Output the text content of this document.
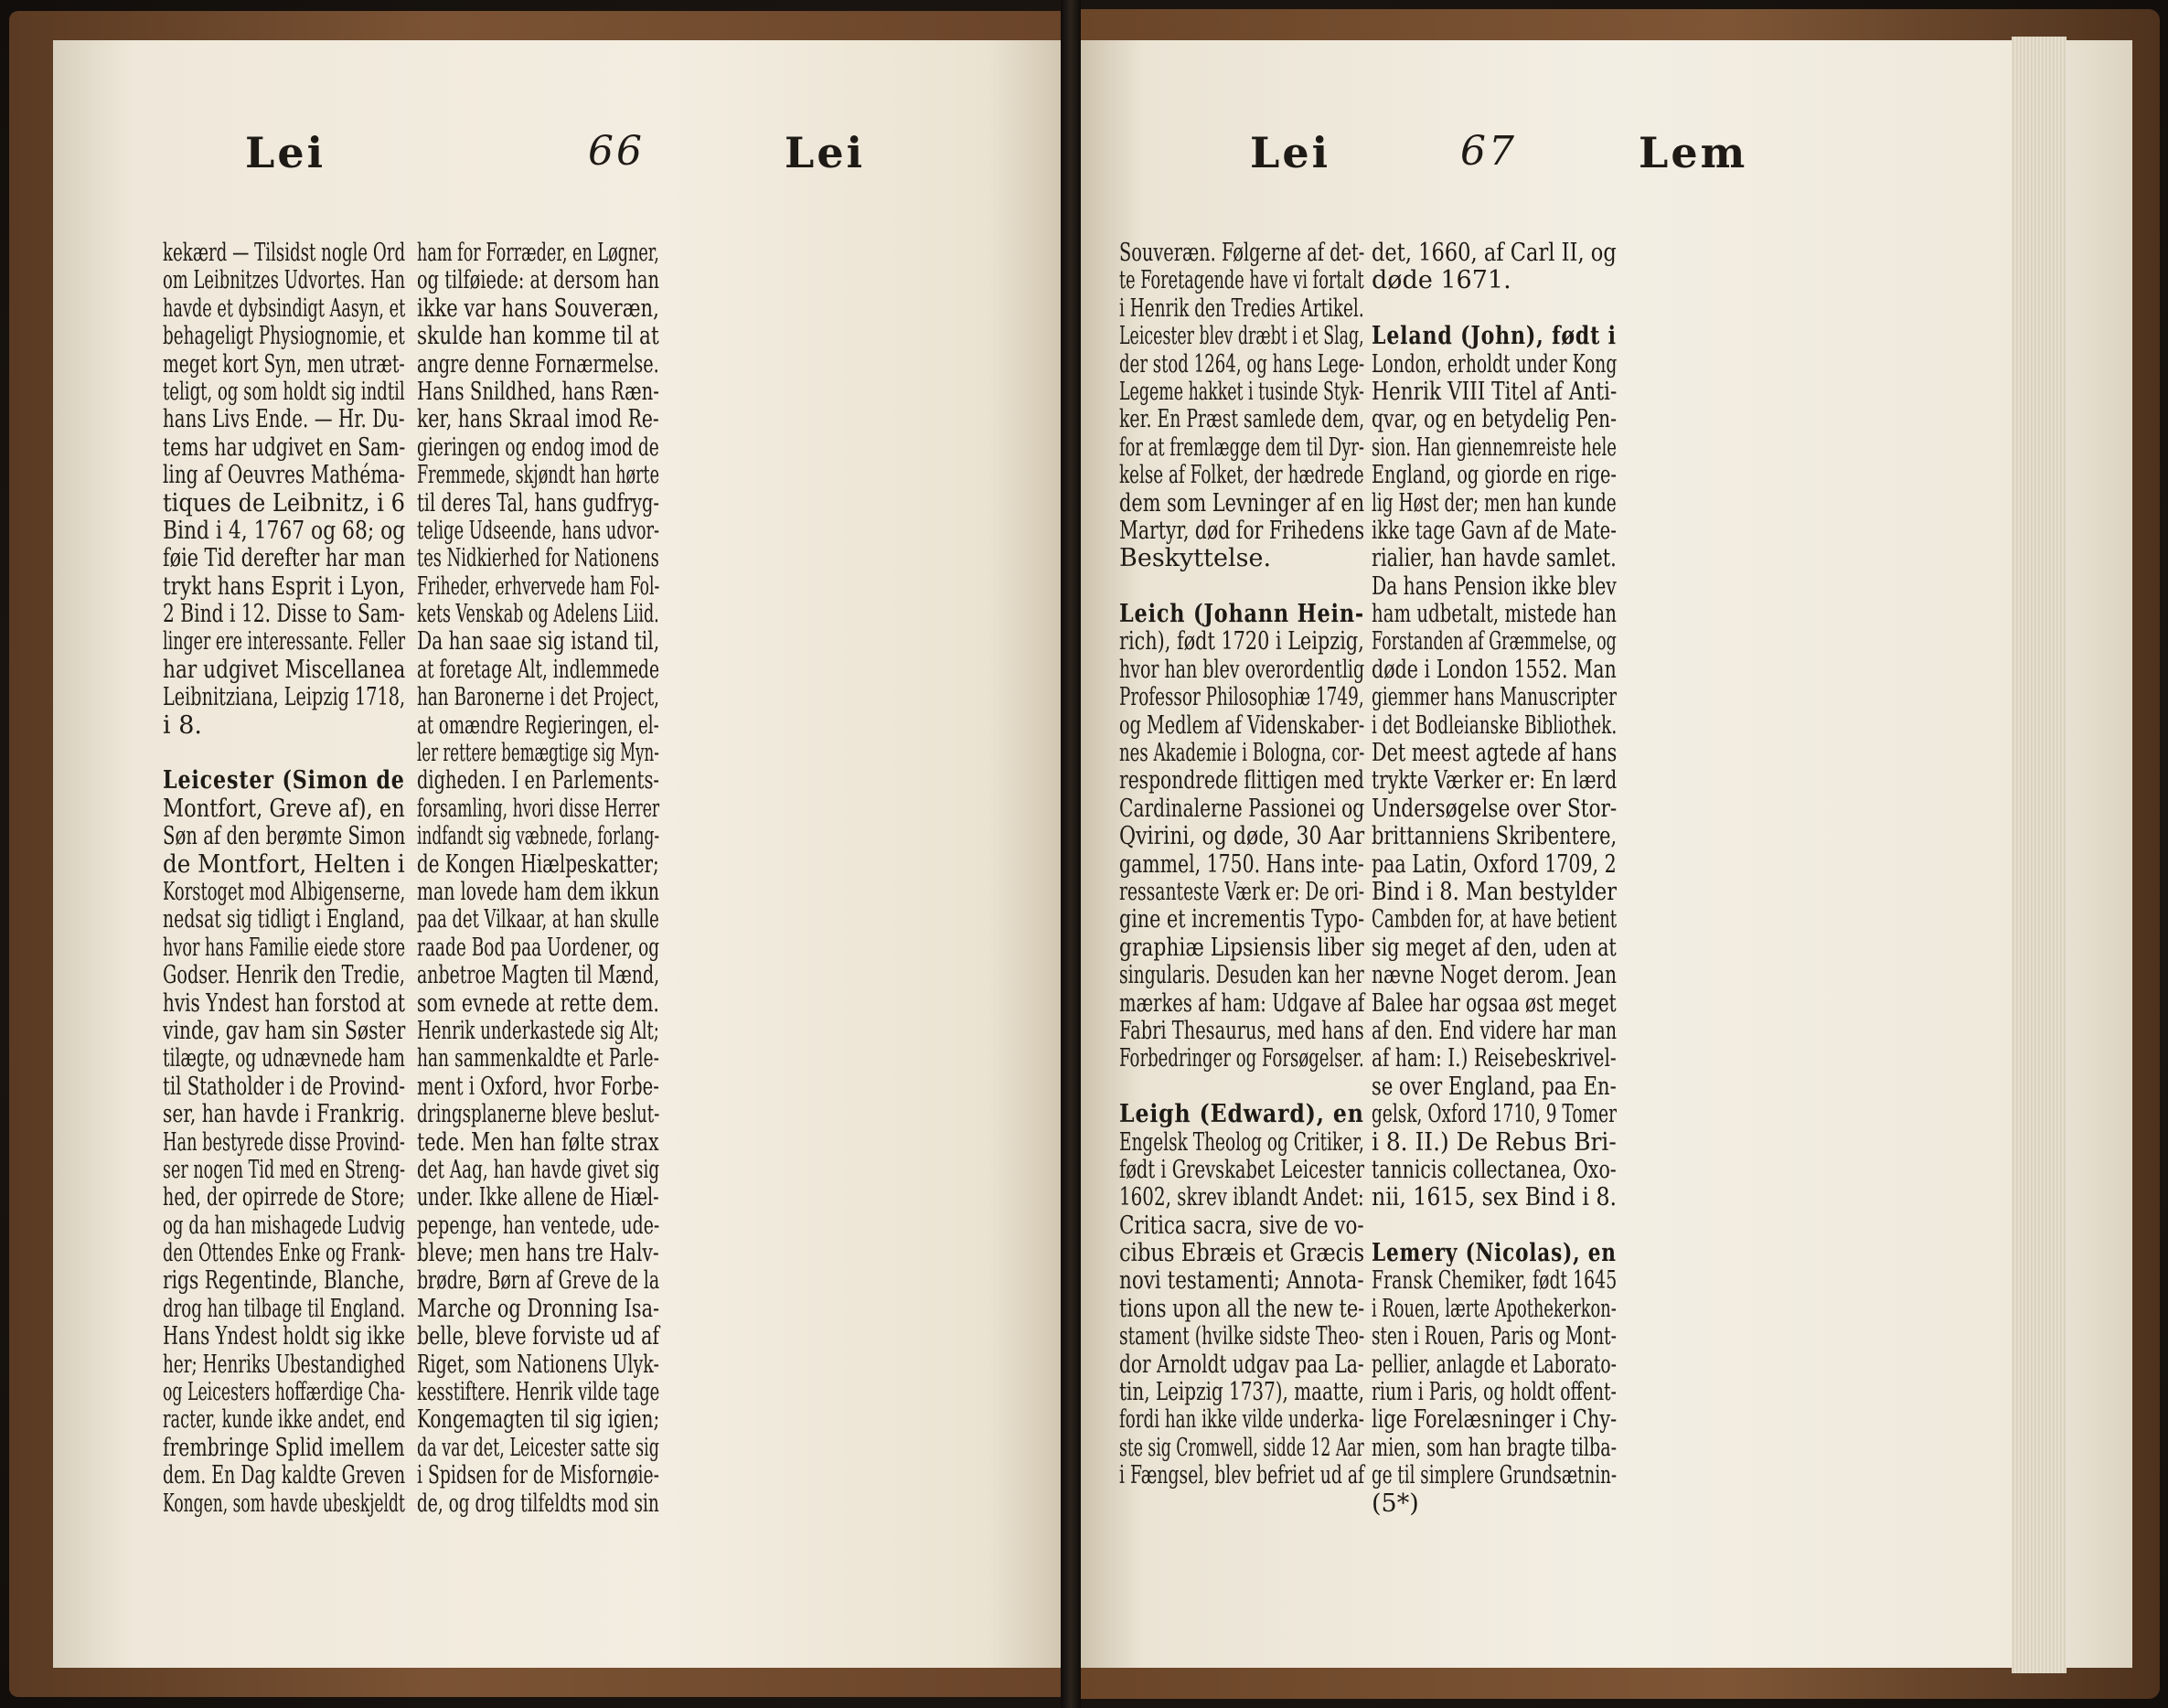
Lei	66	Lei
kekærd — Tilsidst nogle Ord
om Leibnitzes Udvortes. Han
havde et dybsindigt Aasyn, et
behageligt Physiognomie, et
meget kort Syn, men utræt-
teligt, og som holdt sig indtil
hans Livs Ende. — Hr. Du-
tems har udgivet en Sam-
ling af Oeuvres Mathéma-
tiques de Leibnitz, i 6
Bind i 4, 1767 og 68; og
føie Tid derefter har man
trykt hans Esprit i Lyon,
2 Bind i 12. Disse to Sam-
linger ere interessante. Feller
har udgivet Miscellanea
Leibnitziana, Leipzig 1718,
i 8.
Leicester (Simon de
Montfort, Greve af), en
Søn af den berømte Simon
de Montfort, Helten i
Korstoget mod Albigenserne,
nedsat sig tidligt i England,
hvor hans Familie eiede store
Godser. Henrik den Tredie,
hvis Yndest han forstod at
vinde, gav ham sin Søster
tilægte, og udnævnede ham
til Statholder i de Provind-
ser, han havde i Frankrig.
Han bestyrede disse Provind-
ser nogen Tid med en Streng-
hed, der opirrede de Store;
og da han mishagede Ludvig
den Ottendes Enke og Frank-
rigs Regentinde, Blanche,
drog han tilbage til England.
Hans Yndest holdt sig ikke
her; Henriks Ubestandighed
og Leicesters hoffærdige Cha-
racter, kunde ikke andet, end
frembringe Splid imellem
dem. En Dag kaldte Greven
Kongen, som havde ubeskjeldt
ham for Forræder, en Løgner,
og tilføiede: at dersom han
ikke var hans Souveræn,
skulde han komme til at
angre denne Fornærmelse.
Hans Snildhed, hans Ræn-
ker, hans Skraal imod Re-
gieringen og endog imod de
Fremmede, skjøndt han hørte
til deres Tal, hans gudfryg-
telige Udseende, hans udvor-
tes Nidkierhed for Nationens
Friheder, erhvervede ham Fol-
kets Venskab og Adelens Liid.
Da han saae sig istand til,
at foretage Alt, indlemmede
han Baronerne i det Project,
at omændre Regieringen, el-
ler rettere bemægtige sig Myn-
digheden. I en Parlements-
forsamling, hvori disse Herrer
indfandt sig væbnede, forlang-
de Kongen Hiælpeskatter;
man lovede ham dem ikkun
paa det Vilkaar, at han skulle
raade Bod paa Uordener, og
anbetroe Magten til Mænd,
som evnede at rette dem.
Henrik underkastede sig Alt;
han sammenkaldte et Parle-
ment i Oxford, hvor Forbe-
dringsplanerne bleve beslut-
tede. Men han følte strax
det Aag, han havde givet sig
under. Ikke allene de Hiæl-
pepenge, han ventede, ude-
bleve; men hans tre Halv-
brødre, Børn af Greve de la
Marche og Dronning Isa-
belle, bleve forviste ud af
Riget, som Nationens Ulyk-
kesstiftere. Henrik vilde tage
Kongemagten til sig igien;
da var det, Leicester satte sig
i Spidsen for de Misfornøie-
de, og drog tilfeldts mod sin
Lei	67	Lem
Souveræn. Følgerne af det-
te Foretagende have vi fortalt
i Henrik den Tredies Artikel.
Leicester blev dræbt i et Slag,
der stod 1264, og hans Lege-
Legeme hakket i tusinde Styk-
ker. En Præst samlede dem,
for at fremlægge dem til Dyr-
kelse af Folket, der hædrede
dem som Levninger af en
Martyr, død for Frihedens
Beskyttelse.
Leich (Johann Hein-
rich), født 1720 i Leipzig,
hvor han blev overordentlig
Professor Philosophiæ 1749,
og Medlem af Videnskaber-
nes Akademie i Bologna, cor-
respondrede flittigen med
Cardinalerne Passionei og
Qvirini, og døde, 30 Aar
gammel, 1750. Hans inte-
ressanteste Værk er: De ori-
gine et incrementis Typo-
graphiæ Lipsiensis liber
singularis. Desuden kan her
mærkes af ham: Udgave af
Fabri Thesaurus, med hans
Forbedringer og Forsøgelser.
Leigh (Edward), en
Engelsk Theolog og Critiker,
født i Grevskabet Leicester
1602, skrev iblandt Andet:
Critica sacra, sive de vo-
cibus Ebræis et Græcis
novi testamenti; Annota-
tions upon all the new te-
stament (hvilke sidste Theo-
dor Arnoldt udgav paa La-
tin, Leipzig 1737), maatte,
fordi han ikke vilde underka-
ste sig Cromwell, sidde 12 Aar
i Fængsel, blev befriet ud af
det, 1660, af Carl II, og
døde 1671.
Leland (John), født i
London, erholdt under Kong
Henrik VIII Titel af Anti-
qvar, og en betydelig Pen-
sion. Han giennemreiste hele
England, og giorde en rige-
lig Høst der; men han kunde
ikke tage Gavn af de Mate-
rialier, han havde samlet.
Da hans Pension ikke blev
ham udbetalt, mistede han
Forstanden af Græmmelse, og
døde i London 1552. Man
giemmer hans Manuscripter
i det Bodleianske Bibliothek.
Det meest agtede af hans
trykte Værker er: En lærd
Undersøgelse over Stor-
brittanniens Skribentere,
paa Latin, Oxford 1709, 2
Bind i 8. Man bestylder
Cambden for, at have betient
sig meget af den, uden at
nævne Noget derom. Jean
Balee har ogsaa øst meget
af den. End videre har man
af ham: I.) Reisebeskrivel-
se over England, paa En-
gelsk, Oxford 1710, 9 Tomer
i 8. II.) De Rebus Bri-
tannicis collectanea, Oxo-
nii, 1615, sex Bind i 8.
Lemery (Nicolas), en
Fransk Chemiker, født 1645
i Rouen, lærte Apothekerkon-
sten i Rouen, Paris og Mont-
pellier, anlagde et Laborato-
rium i Paris, og holdt offent-
lige Forelæsninger i Chy-
mien, som han bragte tilba-
ge til simplere Grundsætnin-
(5*)
